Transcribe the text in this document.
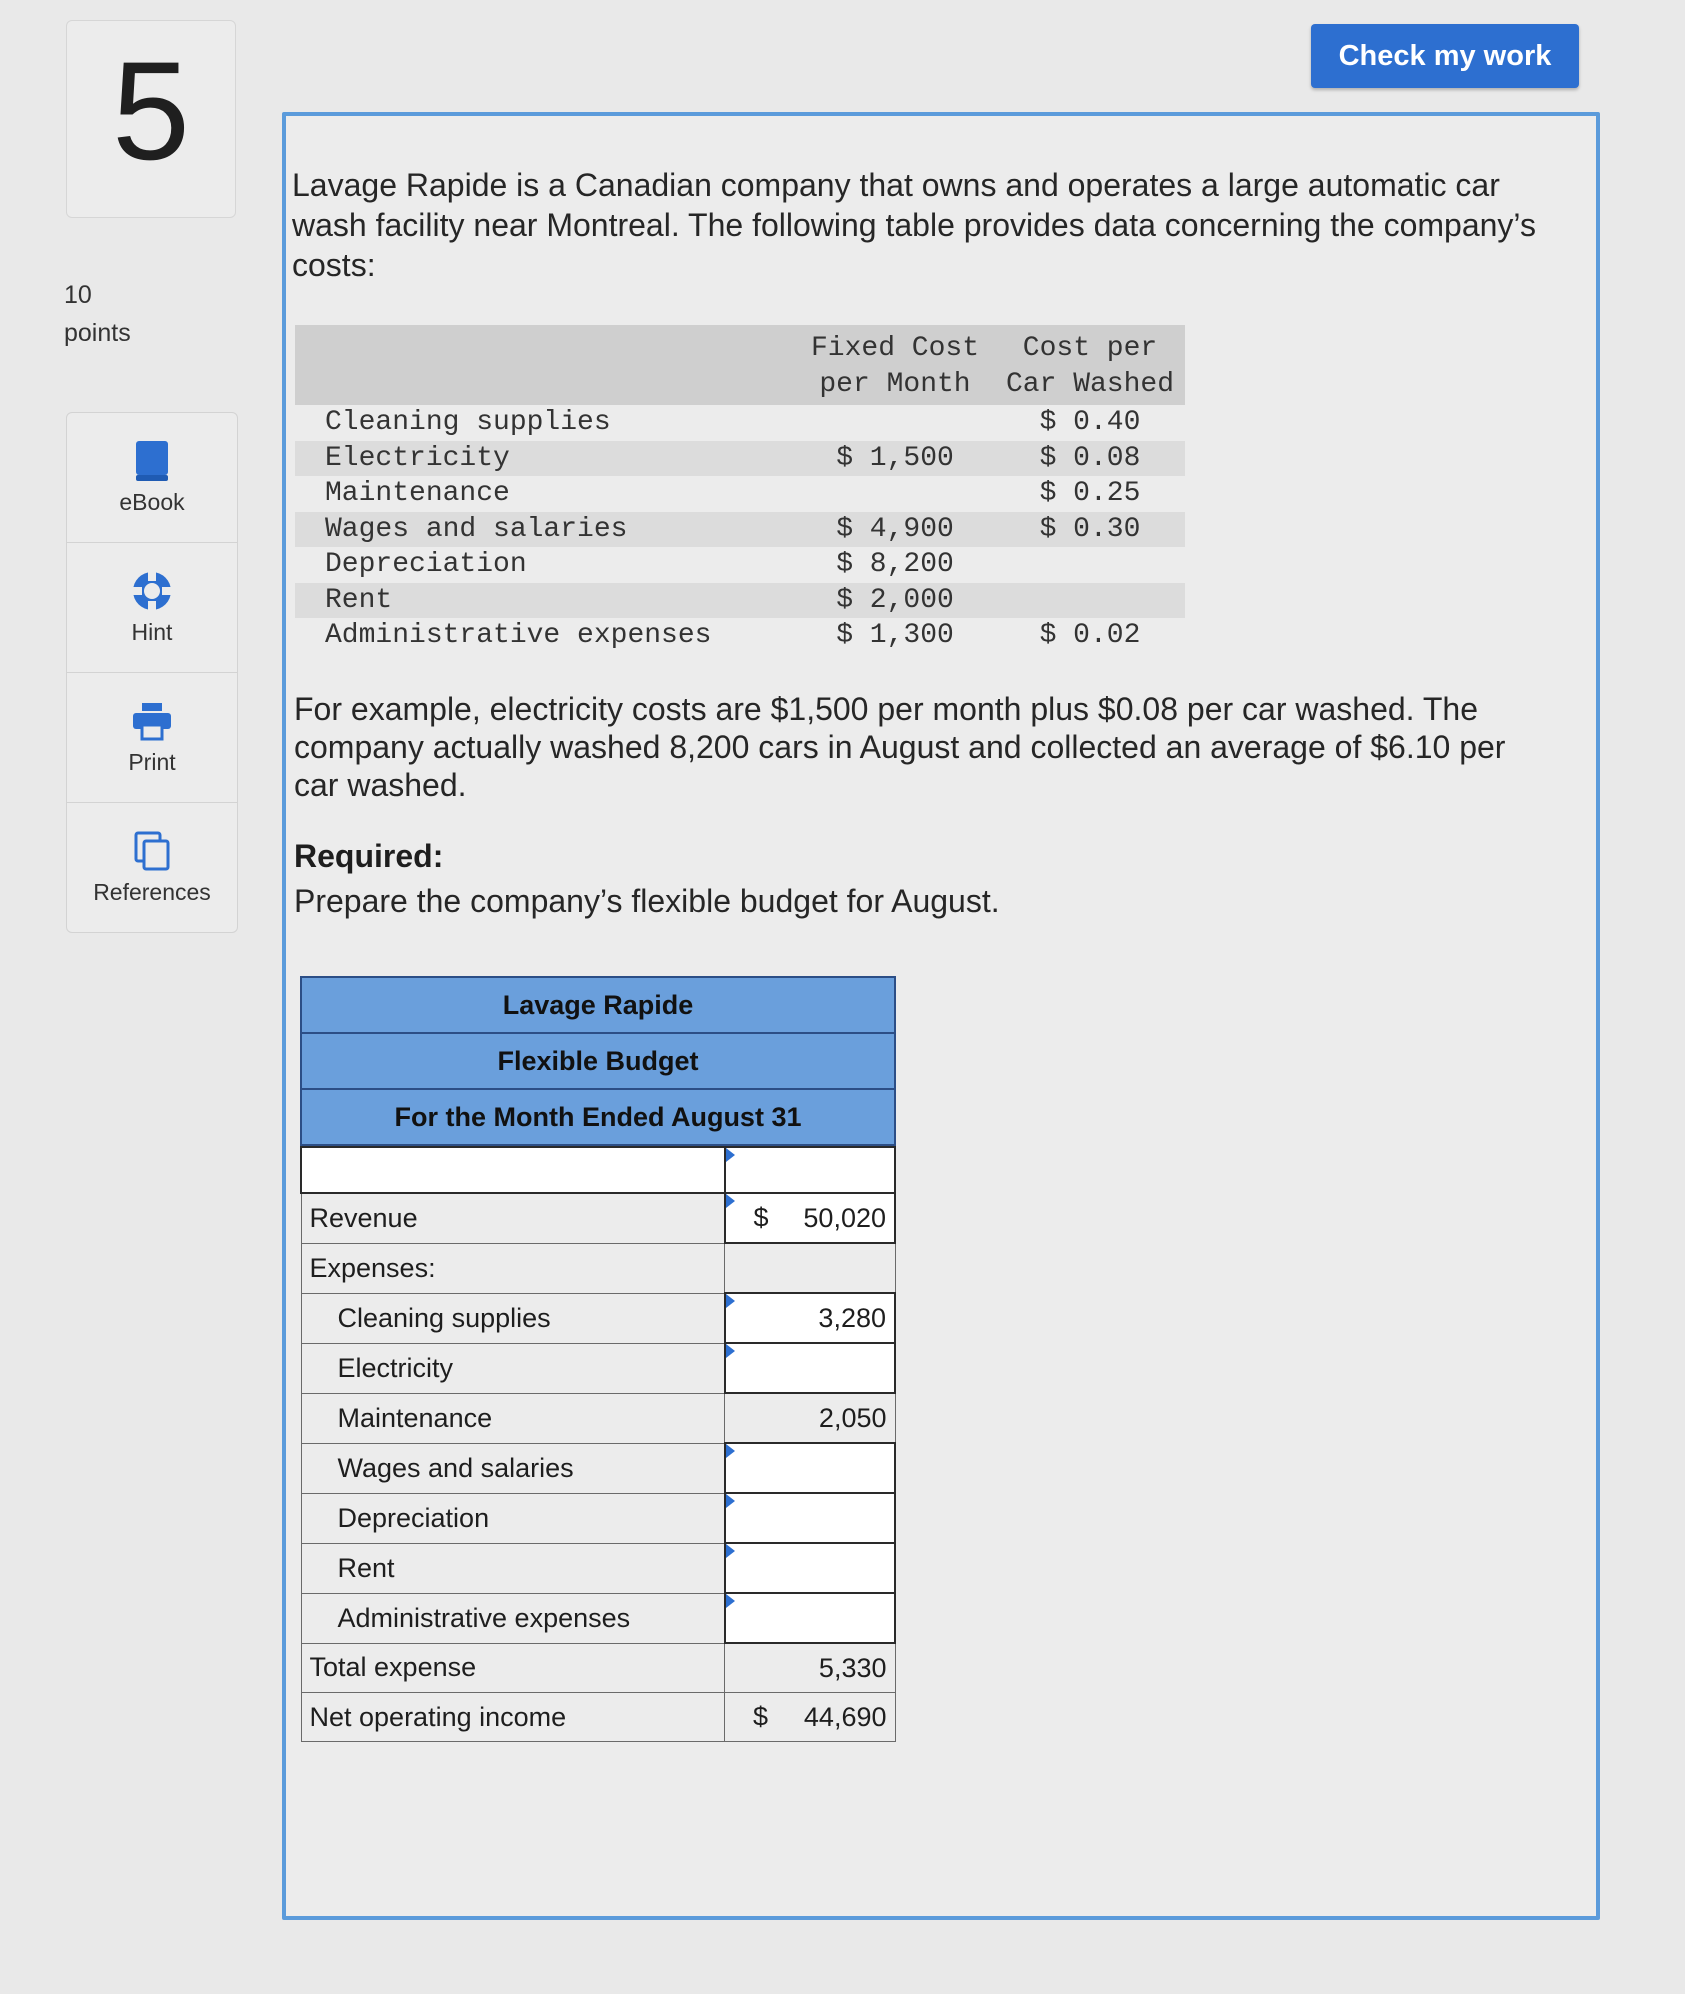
5
10
points
eBook
Hint
Print
References
Check my work
Lavage Rapide is a Canadian company that owns and operates a large automatic car wash facility near Montreal. The following table provides data concerning the company’s costs:
	Fixed Cost per Month	Cost per Car Washed
Cleaning supplies		$ 0.40
Electricity	$ 1,500	$ 0.08
Maintenance		$ 0.25
Wages and salaries	$ 4,900	$ 0.30
Depreciation	$ 8,200	
Rent	$ 2,000	
Administrative expenses	$ 1,300	$ 0.02
For example, electricity costs are $1,500 per month plus $0.08 per car washed. The company actually washed 8,200 cars in August and collected an average of $6.10 per car washed.
Required:
Prepare the company’s flexible budget for August.
Lavage Rapide
Flexible Budget
For the Month Ended August 31

Revenue	$ 50,020
Expenses:	
Cleaning supplies	3,280
Electricity	
Maintenance	2,050
Wages and salaries	
Depreciation	
Rent	
Administrative expenses	
Total expense	5,330
Net operating income	$ 44,690
